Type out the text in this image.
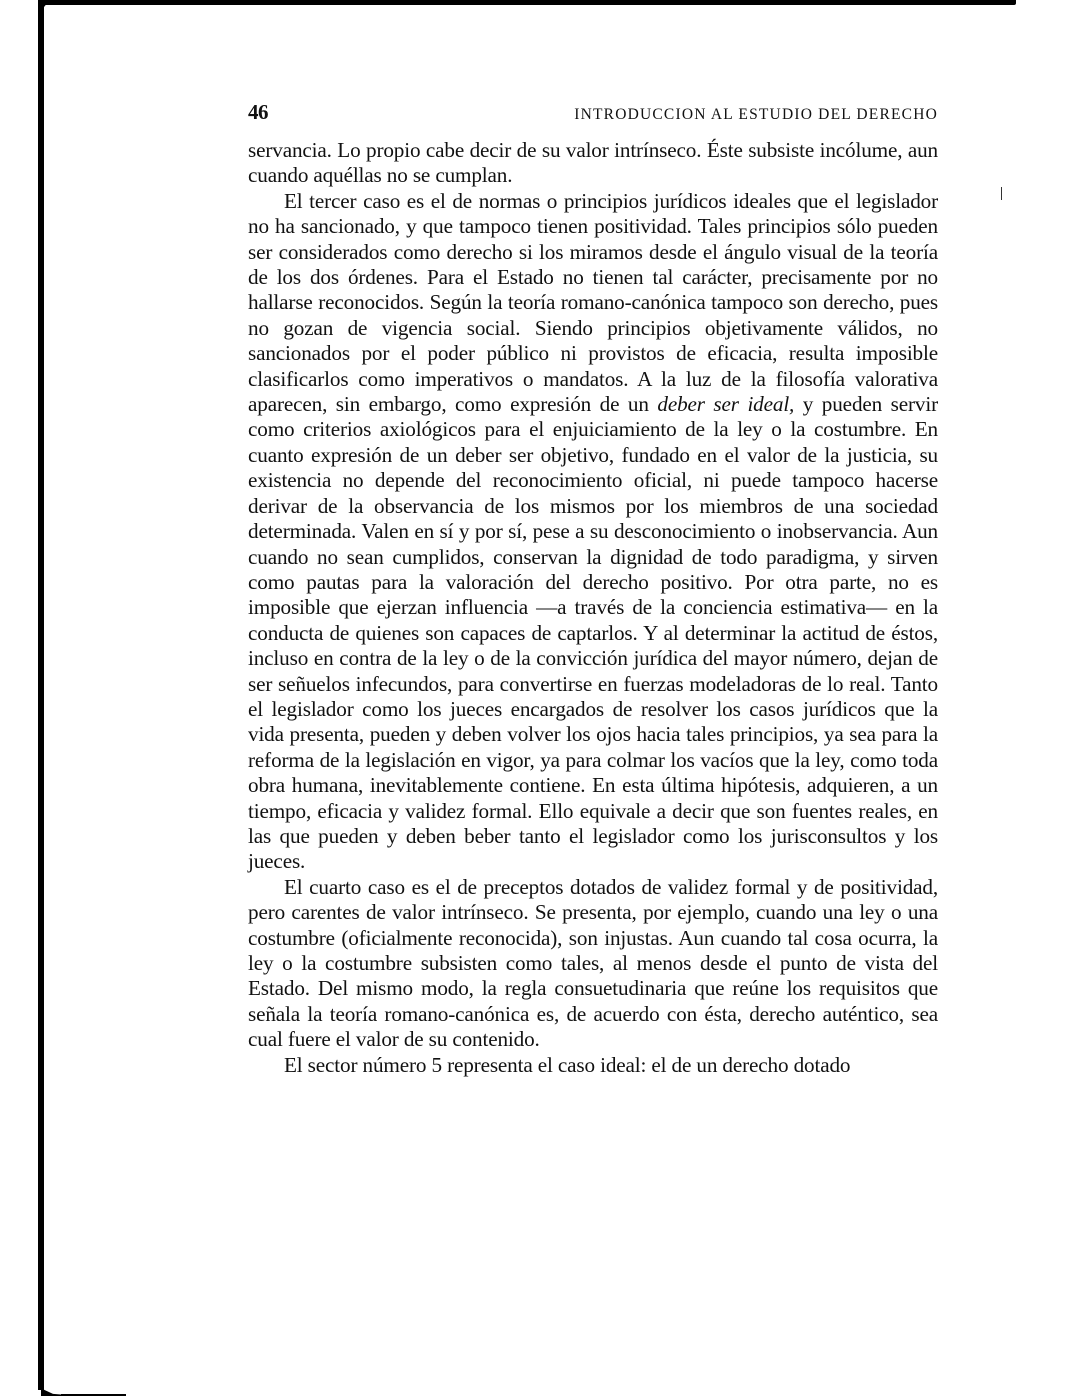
46	INTRODUCCION AL ESTUDIO DEL DERECHO

servancia. Lo propio cabe decir de su valor intrínseco. Éste subsiste incólume, aun cuando aquéllas no se cumplan.

El tercer caso es el de normas o principios jurídicos ideales que el legislador no ha sancionado, y que tampoco tienen positividad. Tales principios sólo pueden ser considerados como derecho si los miramos desde el ángulo visual de la teoría de los dos órdenes. Para el Estado no tienen tal carácter, precisamente por no hallarse reconocidos. Según la teoría romano-canónica tampoco son derecho, pues no gozan de vigencia social. Siendo principios objetivamente válidos, no sancionados por el poder público ni provistos de eficacia, resulta imposible clasificarlos como imperativos o mandatos. A la luz de la filosofía valorativa aparecen, sin embargo, como expresión de un deber ser ideal, y pueden servir como criterios axiológicos para el enjuiciamiento de la ley o la costumbre. En cuanto expresión de un deber ser objetivo, fundado en el valor de la justicia, su existencia no depende del reconocimiento oficial, ni puede tampoco hacerse derivar de la observancia de los mismos por los miembros de una sociedad determinada. Valen en sí y por sí, pese a su desconocimiento o inobservancia. Aun cuando no sean cumplidos, conservan la dignidad de todo paradigma, y sirven como pautas para la valoración del derecho positivo. Por otra parte, no es imposible que ejerzan influencia —a través de la conciencia estimativa— en la conducta de quienes son capaces de captarlos. Y al determinar la actitud de éstos, incluso en contra de la ley o de la convicción jurídica del mayor número, dejan de ser señuelos infecundos, para convertirse en fuerzas modeladoras de lo real. Tanto el legislador como los jueces encargados de resolver los casos jurídicos que la vida presenta, pueden y deben volver los ojos hacia tales principios, ya sea para la reforma de la legislación en vigor, ya para colmar los vacíos que la ley, como toda obra humana, inevitablemente contiene. En esta última hipótesis, adquieren, a un tiempo, eficacia y validez formal. Ello equivale a decir que son fuentes reales, en las que pueden y deben beber tanto el legislador como los jurisconsultos y los jueces.

El cuarto caso es el de preceptos dotados de validez formal y de positividad, pero carentes de valor intrínseco. Se presenta, por ejemplo, cuando una ley o una costumbre (oficialmente reconocida), son injustas. Aun cuando tal cosa ocurra, la ley o la costumbre subsisten como tales, al menos desde el punto de vista del Estado. Del mismo modo, la regla consuetudinaria que reúne los requisitos que señala la teoría romano-canónica es, de acuerdo con ésta, derecho auténtico, sea cual fuere el valor de su contenido.

El sector número 5 representa el caso ideal: el de un derecho dotado
